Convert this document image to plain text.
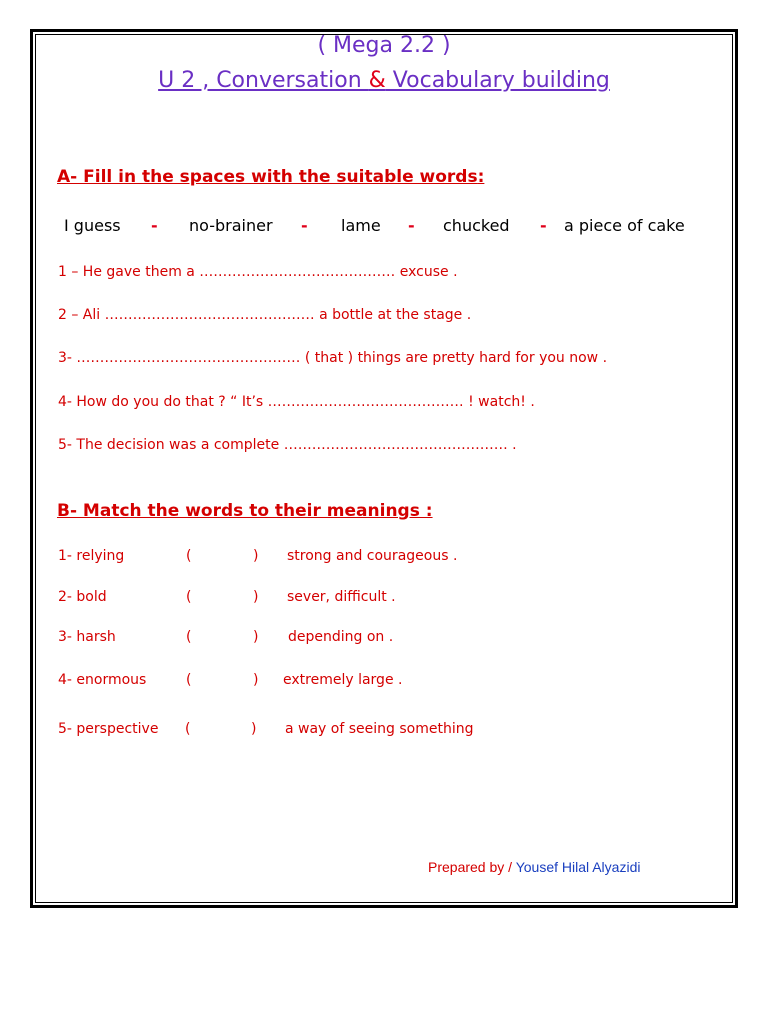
( Mega 2.2 )
U 2 , Conversation & Vocabulary building
A- Fill in the spaces with the suitable words:
I guess - no-brainer - lame - chucked - a piece of cake
1 – He gave them a …………………………………… excuse .
2 – Ali ……………………………………… a bottle at the stage .
3- ………………………………………… ( that ) things are pretty hard for you now .
4- How do you do that ? “ It’s …………………………………… ! watch! .
5- The decision was a complete ………………………………………… .
B- Match the words to their meanings :
1- relying	(	) strong and courageous .
2- bold	(	) sever, difficult .
3- harsh	(	) depending on .
4- enormous	(	) extremely large .
5- perspective (	) a way of seeing something
Prepared by / Yousef Hilal Alyazidi
